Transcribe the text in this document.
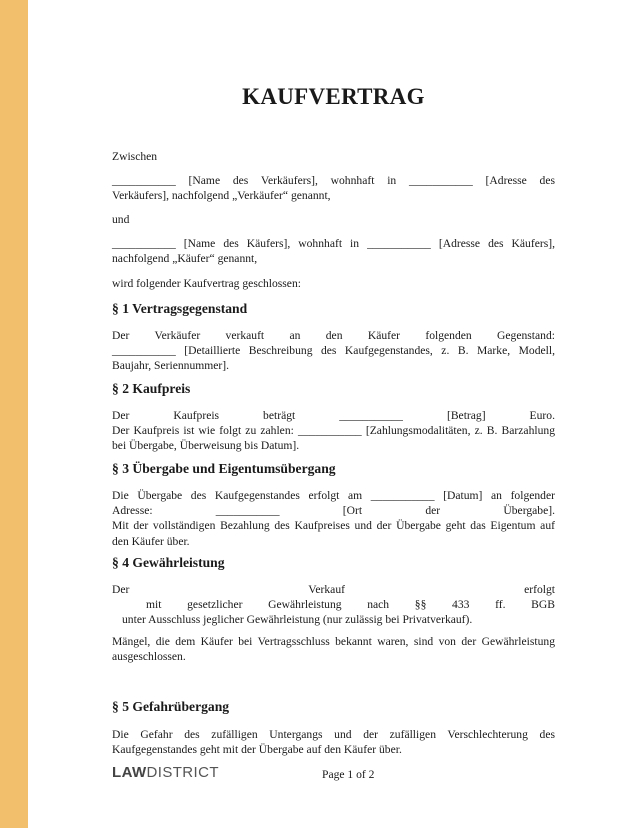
KAUFVERTRAG

Zwischen

___________ [Name des Verkäufers], wohnhaft in ___________ [Adresse des
Verkäufers], nachfolgend „Verkäufer“ genannt,

und

___________ [Name des Käufers], wohnhaft in ___________ [Adresse des Käufers],
nachfolgend „Käufer“ genannt,

wird folgender Kaufvertrag geschlossen:

§ 1 Vertragsgegenstand

Der Verkäufer verkauft an den Käufer folgenden Gegenstand:
___________ [Detaillierte Beschreibung des Kaufgegenstandes, z. B. Marke, Modell,
Baujahr, Seriennummer].

§ 2 Kaufpreis

Der Kaufpreis beträgt ___________ [Betrag] Euro.
Der Kaufpreis ist wie folgt zu zahlen: ___________ [Zahlungsmodalitäten, z. B. Barzahlung
bei Übergabe, Überweisung bis Datum].

§ 3 Übergabe und Eigentumsübergang

Die Übergabe des Kaufgegenstandes erfolgt am ___________ [Datum] an folgender
Adresse: ___________ [Ort der Übergabe].
Mit der vollständigen Bezahlung des Kaufpreises und der Übergabe geht das Eigentum auf
den Käufer über.

§ 4 Gewährleistung

Der Verkauf erfolgt
mit gesetzlicher Gewährleistung nach §§ 433 ff. BGB
unter Ausschluss jeglicher Gewährleistung (nur zulässig bei Privatverkauf).

Mängel, die dem Käufer bei Vertragsschluss bekannt waren, sind von der Gewährleistung
ausgeschlossen.

§ 5 Gefahrübergang

Die Gefahr des zufälligen Untergangs und der zufälligen Verschlechterung des
Kaufgegenstandes geht mit der Übergabe auf den Käufer über.

LAWDISTRICT	Page 1 of 2
